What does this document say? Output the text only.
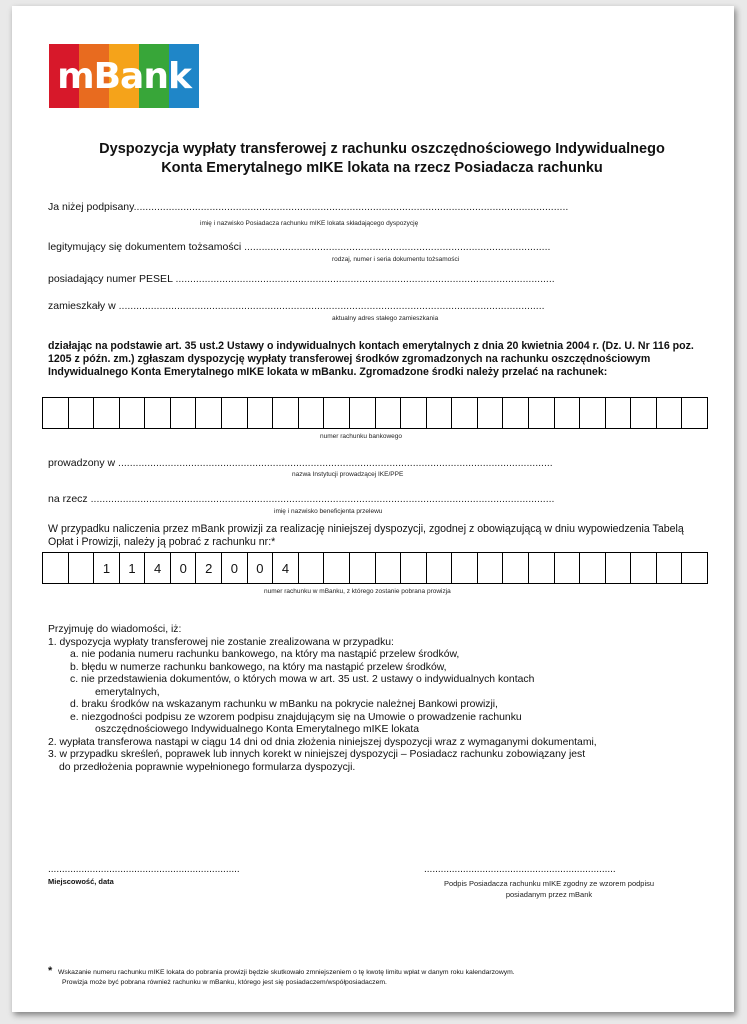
mBank
Dyspozycja wypłaty transferowej z rachunku oszczędnościowego Indywidualnego
Konta Emerytalnego mIKE lokata na rzecz Posiadacza rachunku
Ja niżej podpisany.....................................................................................................................................................
imię i nazwisko Posiadacza rachunku mIKE lokata składającego dyspozycję
legitymujący się dokumentem tożsamości .........................................................................................................
rodzaj, numer i seria dokumentu tożsamości
posiadający numer PESEL ..................................................................................................................................
zamieszkały w ..................................................................................................................................................
aktualny adres stałego zamieszkania
działając na podstawie art. 35 ust.2 Ustawy o indywidualnych kontach emerytalnych z dnia 20 kwietnia 2004 r. (Dz. U. Nr 116 poz. 1205 z późn. zm.) zgłaszam dyspozycję wypłaty transferowej środków zgromadzonych na rachunku oszczędnościowym Indywidualnego Konta Emerytalnego mIKE lokata w mBanku. Zgromadzone środki należy przelać na rachunek:
numer rachunku bankowego
prowadzony w .....................................................................................................................................................
nazwa Instytucji prowadzącej IKE/PPE
na rzecz ...............................................................................................................................................................
imię i nazwisko beneficjenta przelewu
W przypadku naliczenia przez mBank prowizji za realizację niniejszej dyspozycji, zgodnej z obowiązującą w dniu wypowiedzenia Tabelą Opłat i Prowizji, należy ją pobrać z rachunku nr:*
1	1	4	0	2	0	0	4
numer rachunku w mBanku, z którego zostanie pobrana prowizja
Przyjmuję do wiadomości, iż:
1. dyspozycja wypłaty transferowej nie zostanie zrealizowana w przypadku:
a. nie podania numeru rachunku bankowego, na który ma nastąpić przelew środków,
b. błędu w numerze rachunku bankowego, na który ma nastąpić przelew środków,
c. nie przedstawienia dokumentów, o których mowa w art. 35 ust. 2 ustawy o indywidualnych kontach
emerytalnych,
d. braku środków na wskazanym rachunku w mBanku na pokrycie należnej Bankowi prowizji,
e. niezgodności podpisu ze wzorem podpisu znajdującym się na Umowie o prowadzenie rachunku
oszczędnościowego Indywidualnego Konta Emerytalnego mIKE lokata
2. wypłata transferowa nastąpi w ciągu 14 dni od dnia złożenia niniejszej dyspozycji wraz z wymaganymi dokumentami,
3. w przypadku skreśleń, poprawek lub innych korekt w niniejszej dyspozycji – Posiadacz rachunku zobowiązany jest
do przedłożenia poprawnie wypełnionego formularza dyspozycji.
.....................................................................
Miejscowość, data
.....................................................................
Podpis Posiadacza rachunku mIKE zgodny ze wzorem podpisu
posiadanym przez mBank
* Wskazanie numeru rachunku mIKE lokata do pobrania prowizji będzie skutkowało zmniejszeniem o tę kwotę limitu wpłat w danym roku kalendarzowym.
Prowizja może być pobrana również rachunku w mBanku, którego jest się posiadaczem/współposiadaczem.
